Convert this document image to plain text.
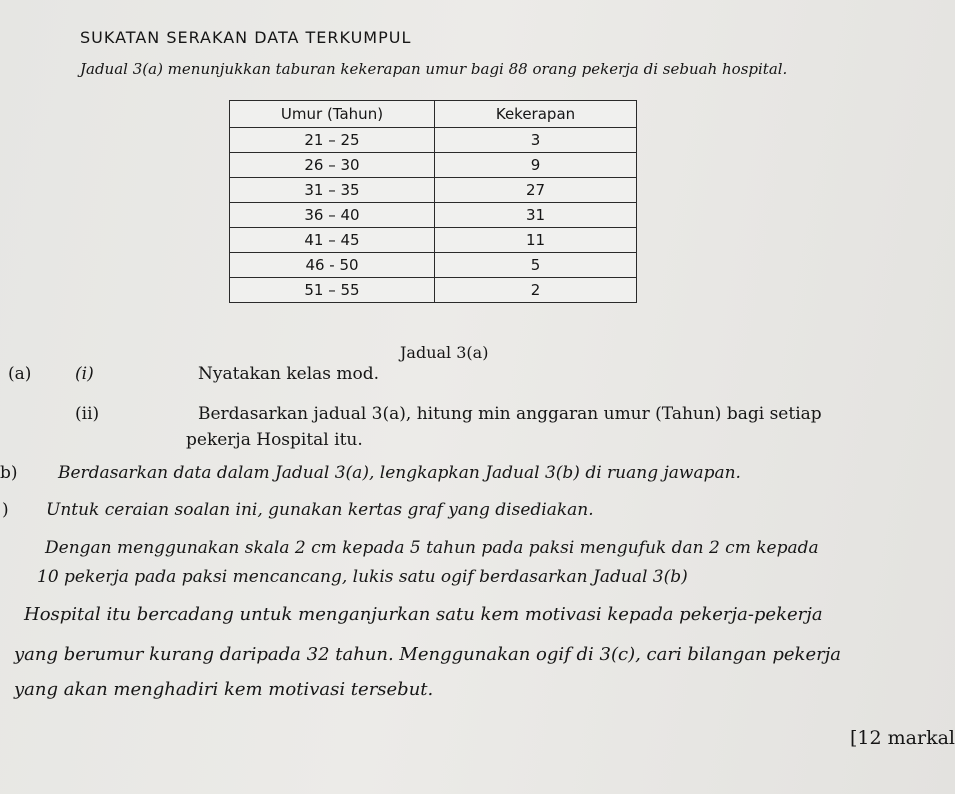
SUKATAN SERAKAN DATA TERKUMPUL
Jadual 3(a) menunjukkan taburan kekerapan umur bagi 88 orang pekerja di sebuah hospital.
Umur (Tahun)	Kekerapan
21 – 25	3
26 – 30	9
31 – 35	27
36 – 40	31
41 – 45	11
46 - 50	5
51 – 55	2
Jadual 3(a)
(a)	(i)	Nyatakan kelas mod.
(ii)	Berdasarkan jadual 3(a), hitung min anggaran umur (Tahun) bagi setiap
pekerja Hospital itu.
b) Berdasarkan data dalam Jadual 3(a), lengkapkan Jadual 3(b) di ruang jawapan.
) Untuk ceraian soalan ini, gunakan kertas graf yang disediakan.
Dengan menggunakan skala 2 cm kepada 5 tahun pada paksi mengufuk dan 2 cm kepada
10 pekerja pada paksi mencancang, lukis satu ogif berdasarkan Jadual 3(b)
Hospital itu bercadang untuk menganjurkan satu kem motivasi kepada pekerja-pekerja
yang berumur kurang daripada 32 tahun. Menggunakan ogif di 3(c), cari bilangan pekerja
yang akan menghadiri kem motivasi tersebut.
[12 markal
